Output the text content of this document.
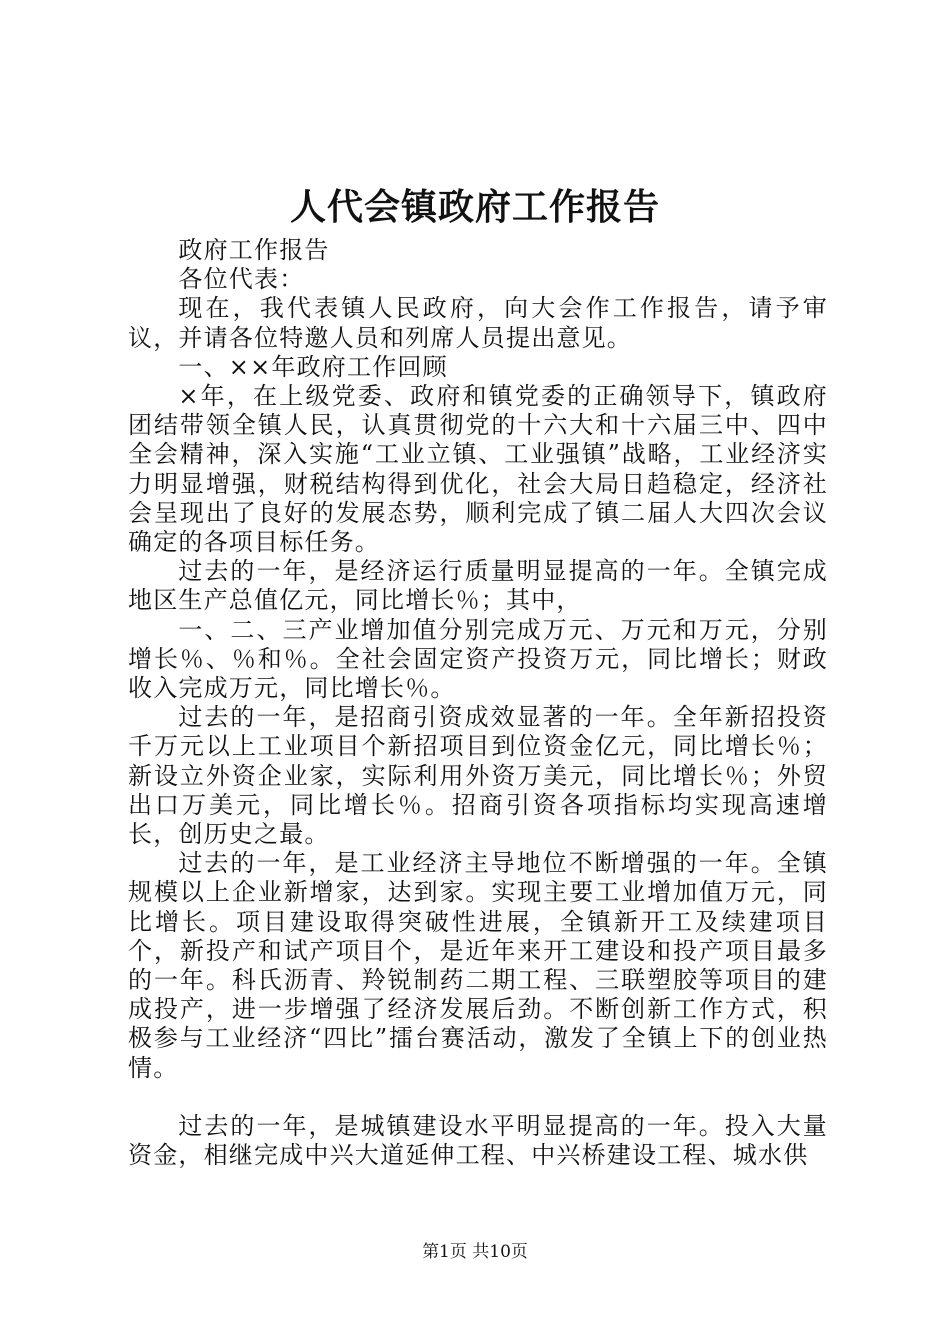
人代会镇政府工作报告

政府工作报告

各位代表：

现在，我代表镇人民政府，向大会作工作报告，请予审议，并请各位特邀人员和列席人员提出意见。

一、××年政府工作回顾

×年，在上级党委、政府和镇党委的正确领导下，镇政府团结带领全镇人民，认真贯彻党的十六大和十六届三中、四中全会精神，深入实施“工业立镇、工业强镇”战略，工业经济实力明显增强，财税结构得到优化，社会大局日趋稳定，经济社会呈现出了良好的发展态势，顺利完成了镇二届人大四次会议确定的各项目标任务。

过去的一年，是经济运行质量明显提高的一年。全镇完成地区生产总值亿元，同比增长％；其中，

一、二、三产业增加值分别完成万元、万元和万元，分别增长％、％和％。全社会固定资产投资万元，同比增长；财政收入完成万元，同比增长％。

过去的一年，是招商引资成效显著的一年。全年新招投资千万元以上工业项目个新招项目到位资金亿元，同比增长％；新设立外资企业家，实际利用外资万美元，同比增长％；外贸出口万美元，同比增长％。招商引资各项指标均实现高速增长，创历史之最。

过去的一年，是工业经济主导地位不断增强的一年。全镇规模以上企业新增家，达到家。实现主要工业增加值万元，同比增长。项目建设取得突破性进展，全镇新开工及续建项目个，新投产和试产项目个，是近年来开工建设和投产项目最多的一年。科氏沥青、羚锐制药二期工程、三联塑胶等项目的建成投产，进一步增强了经济发展后劲。不断创新工作方式，积极参与工业经济“四比”擂台赛活动，激发了全镇上下的创业热情。

过去的一年，是城镇建设水平明显提高的一年。投入大量资金，相继完成中兴大道延伸工程、中兴桥建设工程、城水供

第1页 共10页
